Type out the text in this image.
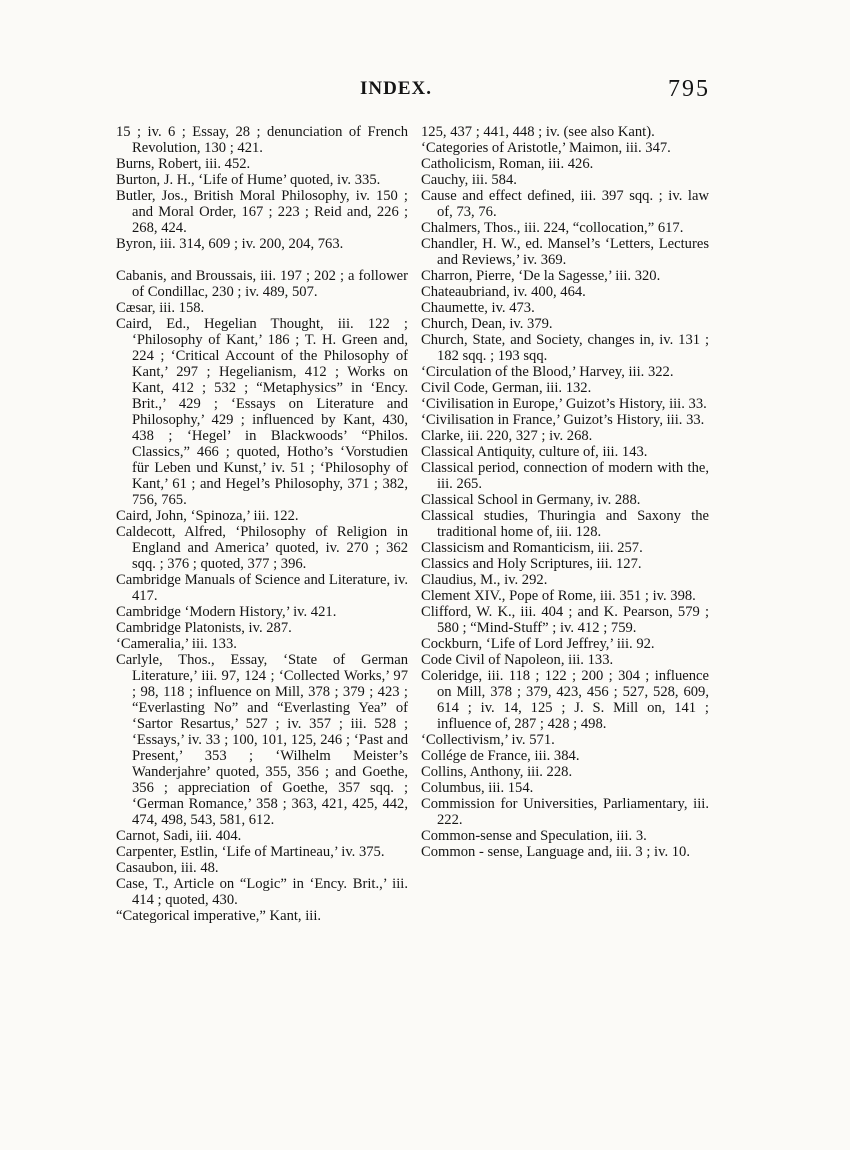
INDEX.	795

15 ; iv. 6 ; Essay, 28 ; denunciation of French Revolution, 130 ; 421.

Burns, Robert, iii. 452.

Burton, J. H., ‘Life of Hume’ quoted, iv. 335.

Butler, Jos., British Moral Philosophy, iv. 150 ; and Moral Order, 167 ; 223 ; Reid and, 226 ; 268, 424.

Byron, iii. 314, 609 ; iv. 200, 204, 763.

Cabanis, and Broussais, iii. 197 ; 202 ; a follower of Condillac, 230 ; iv. 489, 507.

Cæsar, iii. 158.

Caird, Ed., Hegelian Thought, iii. 122 ; ‘Philosophy of Kant,’ 186 ; T. H. Green and, 224 ; ‘Critical Account of the Philosophy of Kant,’ 297 ; Hegelianism, 412 ; Works on Kant, 412 ; 532 ; “Metaphysics” in ‘Ency. Brit.,’ 429 ; ‘Essays on Literature and Philosophy,’ 429 ; influenced by Kant, 430, 438 ; ‘Hegel’ in Blackwoods’ “Philos. Classics,” 466 ; quoted, Hotho’s ‘Vorstudien für Leben und Kunst,’ iv. 51 ; ‘Philosophy of Kant,’ 61 ; and Hegel’s Philosophy, 371 ; 382, 756, 765.

Caird, John, ‘Spinoza,’ iii. 122.

Caldecott, Alfred, ‘Philosophy of Religion in England and America’ quoted, iv. 270 ; 362 sqq. ; 376 ; quoted, 377 ; 396.

Cambridge Manuals of Science and Literature, iv. 417.

Cambridge ‘Modern History,’ iv. 421.

Cambridge Platonists, iv. 287.

‘Cameralia,’ iii. 133.

Carlyle, Thos., Essay, ‘State of German Literature,’ iii. 97, 124 ; ‘Collected Works,’ 97 ; 98, 118 ; influence on Mill, 378 ; 379 ; 423 ; “Everlasting No” and “Everlasting Yea” of ‘Sartor Resartus,’ 527 ; iv. 357 ; iii. 528 ; ‘Essays,’ iv. 33 ; 100, 101, 125, 246 ; ‘Past and Present,’ 353 ; ‘Wilhelm Meister’s Wanderjahre’ quoted, 355, 356 ; and Goethe, 356 ; appreciation of Goethe, 357 sqq. ; ‘German Romance,’ 358 ; 363, 421, 425, 442, 474, 498, 543, 581, 612.

Carnot, Sadi, iii. 404.

Carpenter, Estlin, ‘Life of Martineau,’ iv. 375.

Casaubon, iii. 48.

Case, T., Article on “Logic” in ‘Ency. Brit.,’ iii. 414 ; quoted, 430.

“Categorical imperative,” Kant, iii.

125, 437 ; 441, 448 ; iv. (see also Kant).

‘Categories of Aristotle,’ Maimon, iii. 347.

Catholicism, Roman, iii. 426.

Cauchy, iii. 584.

Cause and effect defined, iii. 397 sqq. ; iv. law of, 73, 76.

Chalmers, Thos., iii. 224, “collocation,” 617.

Chandler, H. W., ed. Mansel’s ‘Letters, Lectures and Reviews,’ iv. 369.

Charron, Pierre, ‘De la Sagesse,’ iii. 320.

Chateaubriand, iv. 400, 464.

Chaumette, iv. 473.

Church, Dean, iv. 379.

Church, State, and Society, changes in, iv. 131 ; 182 sqq. ; 193 sqq.

‘Circulation of the Blood,’ Harvey, iii. 322.

Civil Code, German, iii. 132.

‘Civilisation in Europe,’ Guizot’s History, iii. 33.

‘Civilisation in France,’ Guizot’s History, iii. 33.

Clarke, iii. 220, 327 ; iv. 268.

Classical Antiquity, culture of, iii. 143.

Classical period, connection of modern with the, iii. 265.

Classical School in Germany, iv. 288.

Classical studies, Thuringia and Saxony the traditional home of, iii. 128.

Classicism and Romanticism, iii. 257.

Classics and Holy Scriptures, iii. 127.

Claudius, M., iv. 292.

Clement XIV., Pope of Rome, iii. 351 ; iv. 398.

Clifford, W. K., iii. 404 ; and K. Pearson, 579 ; 580 ; “Mind-Stuff” ; iv. 412 ; 759.

Cockburn, ‘Life of Lord Jeffrey,’ iii. 92.

Code Civil of Napoleon, iii. 133.

Coleridge, iii. 118 ; 122 ; 200 ; 304 ; influence on Mill, 378 ; 379, 423, 456 ; 527, 528, 609, 614 ; iv. 14, 125 ; J. S. Mill on, 141 ; influence of, 287 ; 428 ; 498.

‘Collectivism,’ iv. 571.

Collége de France, iii. 384.

Collins, Anthony, iii. 228.

Columbus, iii. 154.

Commission for Universities, Parliamentary, iii. 222.

Common-sense and Speculation, iii. 3.

Common - sense, Language and, iii. 3 ; iv. 10.
